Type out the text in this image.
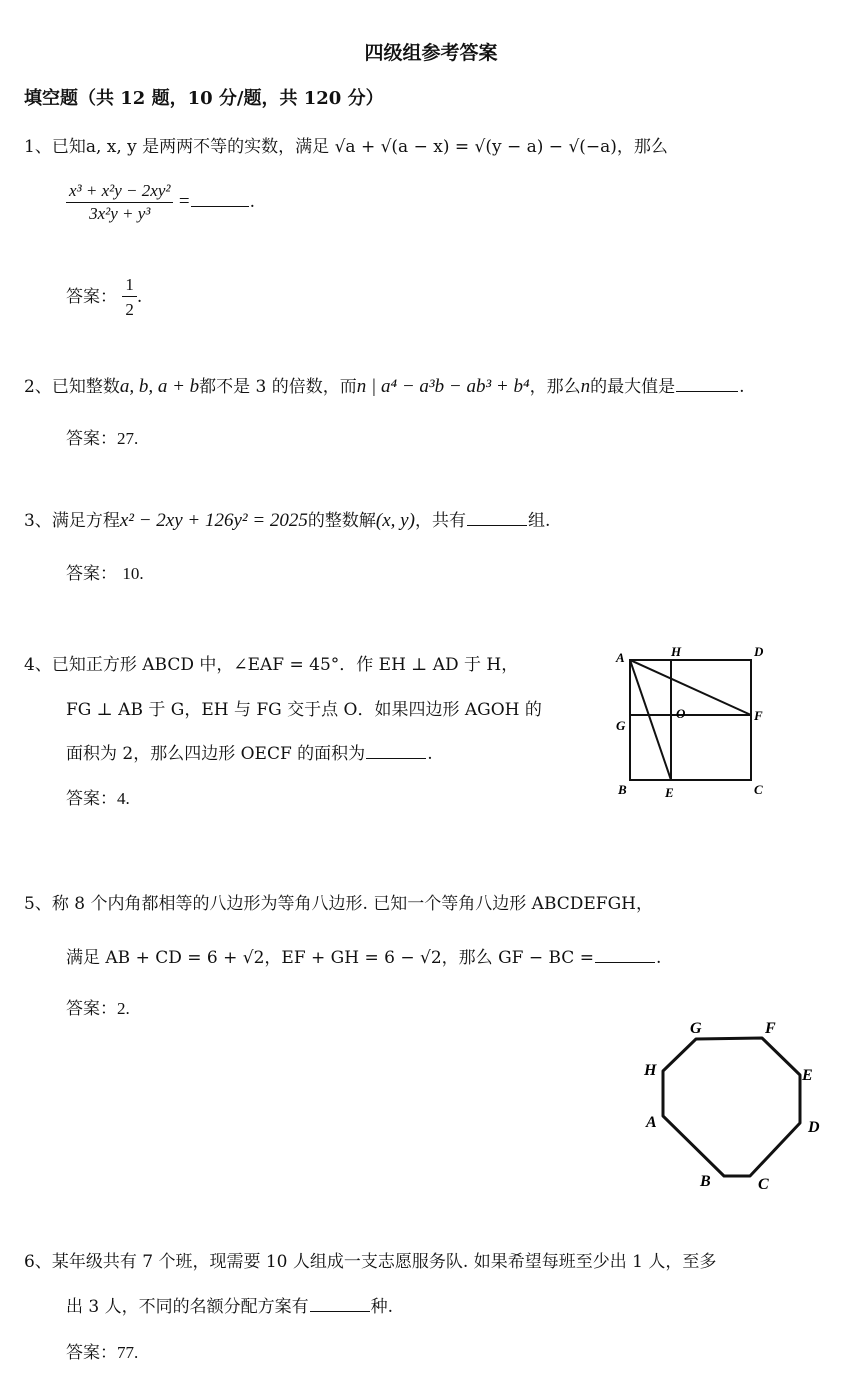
四级组参考答案
填空题（共 12 题，10 分/题，共 120 分）
1、已知a, x, y 是两两不等的实数，满足 √a + √(a − x) = √(y − a) − √(−a)，那么
$\frac{\text{x³ + x²y − 2xy²}}{\text{3x²y + y³}}$ =	.
答案： $\frac{1}{2}$ .
2、已知整数a, b, a + b都不是 3 的倍数，而n | a⁴ − a³b − ab³ + b⁴，那么n的最大值是	.
答案：27.
3、满足方程x² − 2xy + 126y² = 2025的整数解(x, y)，共有	组.
答案： 10.
4、已知正方形 ABCD 中，∠EAF = 45°．作 EH ⊥ AD 于 H，
FG ⊥ AB 于 G，EH 与 FG 交于点 O．如果四边形 AGOH 的
面积为 2，那么四边形 OECF 的面积为	.
答案：4.
A	H	D
G
O	F
B	E	C
5、称 8 个内角都相等的八边形为等角八边形. 已知一个等角八边形 ABCDEFGH，
满足 AB + CD = 6 + √2，EF + GH = 6 − √2，那么 GF − BC =	.
答案：2.
G	F
H	E
A	D
B	C
6、某年级共有 7 个班，现需要 10 人组成一支志愿服务队. 如果希望每班至少出 1 人，至多
出 3 人，不同的名额分配方案有	种.
答案：77.
